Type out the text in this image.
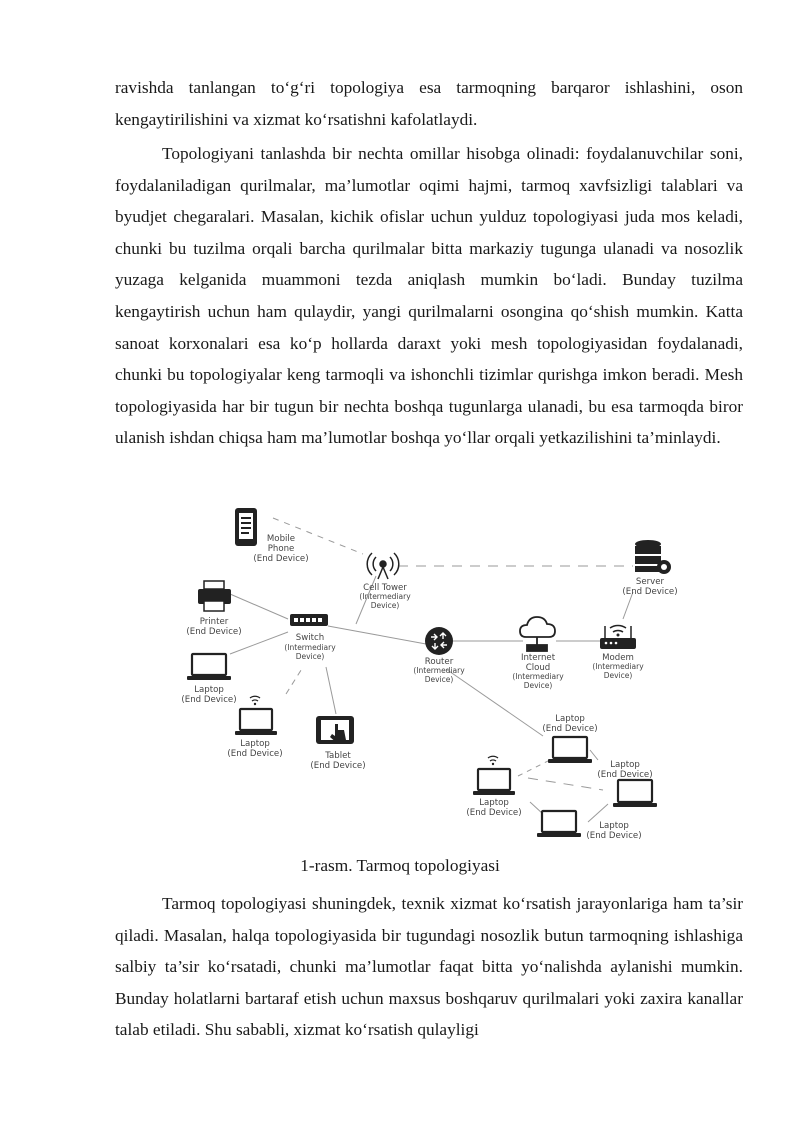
ravishda tanlangan to‘g‘ri topologiya esa tarmoqning barqaror ishlashini, oson kengaytirilishini va xizmat ko‘rsatishni kafolatlaydi.

Topologiyani tanlashda bir nechta omillar hisobga olinadi: foydalanuvchilar soni, foydalaniladigan qurilmalar, ma’lumotlar oqimi hajmi, tarmoq xavfsizligi talablari va byudjet chegaralari. Masalan, kichik ofislar uchun yulduz topologiyasi juda mos keladi, chunki bu tuzilma orqali barcha qurilmalar bitta markaziy tugunga ulanadi va nosozlik yuzaga kelganida muammoni tezda aniqlash mumkin bo‘ladi. Bunday tuzilma kengaytirish uchun ham qulaydir, yangi qurilmalarni osongina qo‘shish mumkin. Katta sanoat korxonalari esa ko‘p hollarda daraxt yoki mesh topologiyasidan foydalanadi, chunki bu topologiyalar keng tarmoqli va ishonchli tizimlar qurishga imkon beradi. Mesh topologiyasida har bir tugun bir nechta boshqa tugunlarga ulanadi, bu esa tarmoqda biror ulanish ishdan chiqsa ham ma’lumotlar boshqa yo‘llar orqali yetkazilishini ta’minlaydi.

Mobile
Phone
(End Device)
Cell Tower
(Intermediary
Device)
Server
(End Device)
Printer
(End Device)
Switch
(Intermediary
Device)
Router
(Intermediary
Device)
Internet
Cloud
(Intermediary
Device)
Modem
(Intermediary
Device)
Laptop
(End Device)
Laptop
(End Device)	Tablet
(End Device)
Laptop
(End Device)
Laptop
(End Device)
Laptop
(End Device)
Laptop
(End Device)
1-rasm. Tarmoq topologiyasi

Tarmoq topologiyasi shuningdek, texnik xizmat ko‘rsatish jarayonlariga ham ta’sir qiladi. Masalan, halqa topologiyasida bir tugundagi nosozlik butun tarmoqning ishlashiga salbiy ta’sir ko‘rsatadi, chunki ma’lumotlar faqat bitta yo‘nalishda aylanishi mumkin. Bunday holatlarni bartaraf etish uchun maxsus boshqaruv qurilmalari yoki zaxira kanallar talab etiladi. Shu sababli, xizmat ko‘rsatish qulayligi
